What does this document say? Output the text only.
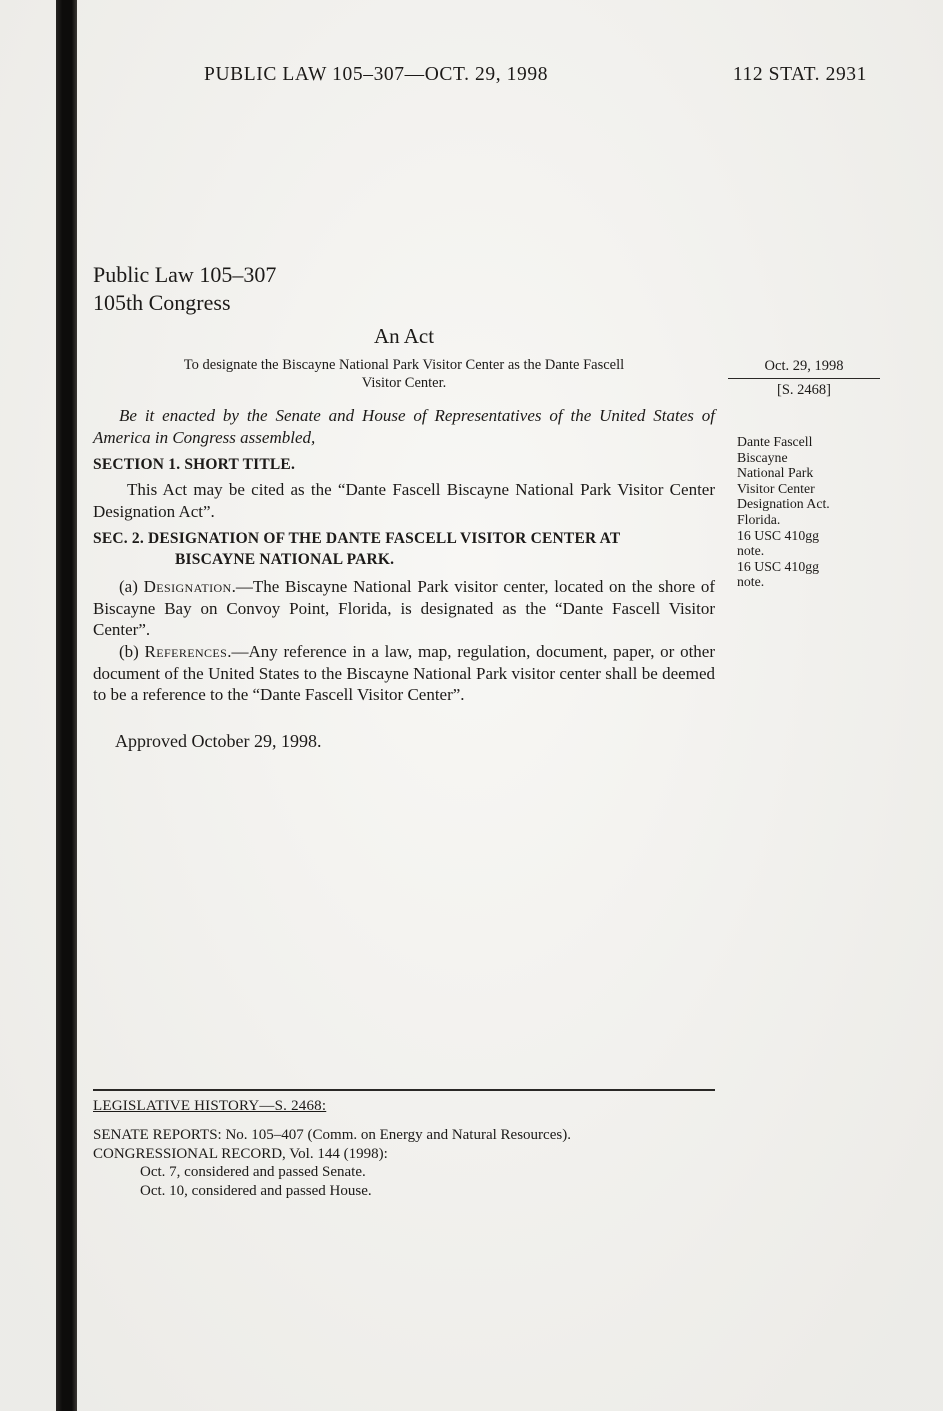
PUBLIC LAW 105–307—OCT. 29, 1998	112 STAT. 2931
Public Law 105–307
105th Congress
An Act
To designate the Biscayne National Park Visitor Center as the Dante Fascell
Visitor Center.
Oct. 29, 1998
[S. 2468]
Be it enacted by the Senate and House of Representatives of the United States of America in Congress assembled,	Dante Fascell
Biscayne
National Park
Visitor Center
Designation Act.
Florida.
16 USC 410gg
note.
16 USC 410gg
note.
SECTION 1. SHORT TITLE.
This Act may be cited as the “Dante Fascell Biscayne National Park Visitor Center Designation Act”.
SEC. 2. DESIGNATION OF THE DANTE FASCELL VISITOR CENTER AT
BISCAYNE NATIONAL PARK.
(a) Designation.—The Biscayne National Park visitor center, located on the shore of Biscayne Bay on Convoy Point, Florida, is designated as the “Dante Fascell Visitor Center”.
(b) References.—Any reference in a law, map, regulation, document, paper, or other document of the United States to the Biscayne National Park visitor center shall be deemed to be a reference to the “Dante Fascell Visitor Center”.
Approved October 29, 1998.
LEGISLATIVE HISTORY—S. 2468:
SENATE REPORTS: No. 105–407 (Comm. on Energy and Natural Resources).
CONGRESSIONAL RECORD, Vol. 144 (1998):
Oct. 7, considered and passed Senate.
Oct. 10, considered and passed House.
